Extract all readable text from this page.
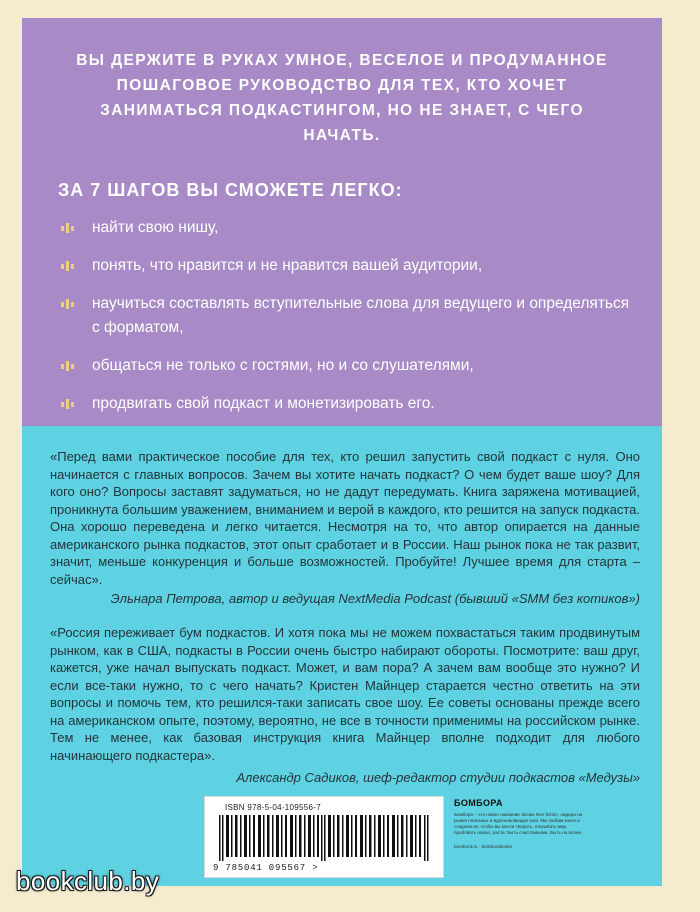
ВЫ ДЕРЖИТЕ В РУКАХ УМНОЕ, ВЕСЕЛОЕ И ПРОДУМАННОЕ ПОШАГОВОЕ РУКОВОДСТВО ДЛЯ ТЕХ, КТО ХОЧЕТ ЗАНИМАТЬСЯ ПОДКАСТИНГОМ, НО НЕ ЗНАЕТ, С ЧЕГО НАЧАТЬ.

ЗА 7 ШАГОВ ВЫ СМОЖЕТЕ ЛЕГКО:
найти свою нишу,
понять, что нравится и не нравится вашей аудитории,
научиться составлять вступительные слова для ведущего и определяться с форматом,
общаться не только с гостями, но и со слушателями,
продвигать свой подкаст и монетизировать его.

«Перед вами практическое пособие для тех, кто решил запустить свой подкаст с нуля. Оно начинается с главных вопросов. Зачем вы хотите начать подкаст? О чем будет ваше шоу? Для кого оно? Вопросы заставят задуматься, но не дадут передумать. Книга заряжена мотивацией, проникнута большим уважением, вниманием и верой в каждого, кто решится на запуск подкаста. Она хорошо переведена и легко читается. Несмотря на то, что автор опирается на данные американского рынка подкастов, этот опыт сработает и в России. Наш рынок пока не так развит, значит, меньше конкуренция и больше возможностей. Пробуйте! Лучшее время для старта – сейчас».

Эльнара Петрова, автор и ведущая NextMedia Podcast (бывший «SMM без котиков»)

«Россия переживает бум подкастов. И хотя пока мы не можем похвастаться таким продвинутым рынком, как в США, подкасты в России очень быстро набирают обороты. Посмотрите: ваш друг, кажется, уже начал выпускать подкаст. Может, и вам пора? А зачем вам вообще это нужно? И если все-таки нужно, то с чего начать? Кристен Майнцер старается честно ответить на эти вопросы и помочь тем, кто решился-таки записать свое шоу. Ее советы основаны прежде всего на американском опыте, поэтому, вероятно, не все в точности применимы на российском рынке. Тем не менее, как базовая инструкция книга Майнцер вполне подходит для любого начинающего подкастера».

Александр Садиков, шеф-редактор студии подкастов «Медузы»

ISBN 978-5-04-109556-7
9 785041 095567 >
БОМБОРА
Бомбора – это новое название Эксмо Non-fiction, лидера на рынке полезных и вдохновляющих книг. Мы любим книги и создаем их, чтобы вы могли творить, открывать мир, пробовать новое, расти. Быть счастливыми. Быть на волне.
bombora.ru · bomborabooks
bookclub.by
